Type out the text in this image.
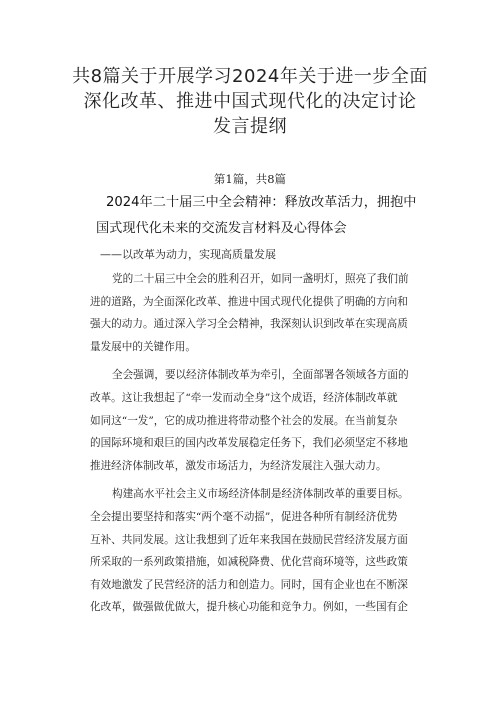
共8篇关于开展学习2024年关于进一步全面
深化改革、推进中国式现代化的决定讨论
发言提纲
第1篇，共8篇
2024年二十届三中全会精神：释放改革活力，拥抱中
国式现代化未来的交流发言材料及心得体会
——以改革为动力，实现高质量发展
党的二十届三中全会的胜利召开，如同一盏明灯，照亮了我们前
进的道路，为全面深化改革、推进中国式现代化提供了明确的方向和
强大的动力。通过深入学习全会精神，我深刻认识到改革在实现高质
量发展中的关键作用。
全会强调，要以经济体制改革为牵引，全面部署各领域各方面的
改革。这让我想起了“牵一发而动全身”这个成语，经济体制改革就
如同这“一发”，它的成功推进将带动整个社会的发展。在当前复杂
的国际环境和艰巨的国内改革发展稳定任务下，我们必须坚定不移地
推进经济体制改革，激发市场活力，为经济发展注入强大动力。
构建高水平社会主义市场经济体制是经济体制改革的重要目标。
全会提出要坚持和落实“两个毫不动摇”，促进各种所有制经济优势
互补、共同发展。这让我想到了近年来我国在鼓励民营经济发展方面
所采取的一系列政策措施，如减税降费、优化营商环境等，这些政策
有效地激发了民营经济的活力和创造力。同时，国有企业也在不断深
化改革，做强做优做大，提升核心功能和竞争力。例如，一些国有企
